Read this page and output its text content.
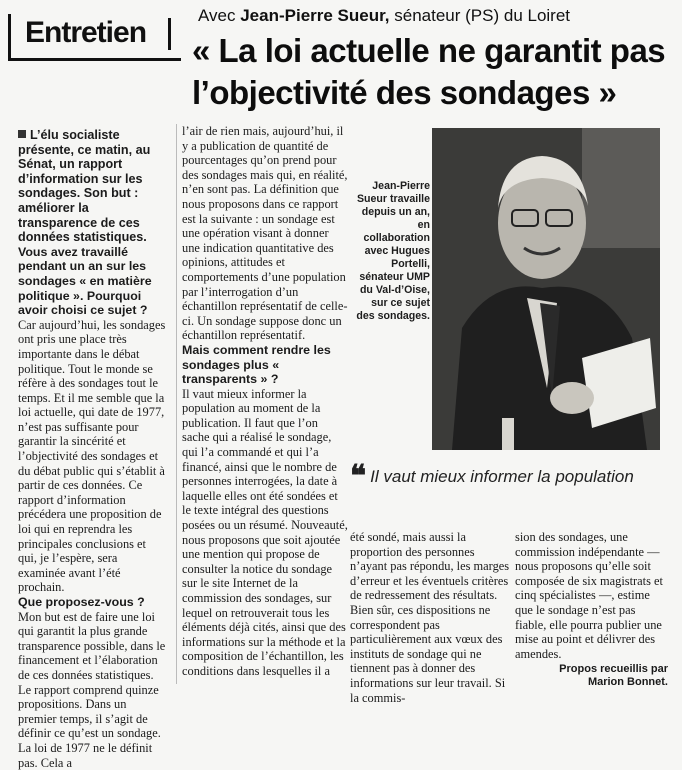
Entretien
Avec Jean-Pierre Sueur, sénateur (PS) du Loiret
« La loi actuelle ne garantit pas l’objectivité des sondages »

L’élu socialiste présente, ce matin, au Sénat, un rapport d’information sur les sondages. Son but : améliorer la transparence de ces données statistiques.

Vous avez travaillé pendant un an sur les sondages « en matière politique ». Pourquoi avoir choisi ce sujet ?

Car aujourd’hui, les sondages ont pris une place très importante dans le débat politique. Tout le monde se réfère à des sondages tout le temps. Et il me semble que la loi actuelle, qui date de 1977, n’est pas suffisante pour garantir la sincérité et l’objectivité des sondages et du débat public qui s’établit à partir de ces données. Ce rapport d’information précédera une proposition de loi qui en reprendra les principales conclusions et qui, je l’espère, sera examinée avant l’été prochain.

Que proposez-vous ?

Mon but est de faire une loi qui garantit la plus grande transparence possible, dans le financement et l’élaboration de ces données statistiques. Le rapport comprend quinze propositions. Dans un premier temps, il s’agit de définir ce qu’est un sondage. La loi de 1977 ne le définit pas. Cela a

l’air de rien mais, aujourd’hui, il y a publication de quantité de pourcentages qu’on prend pour des sondages mais qui, en réalité, n’en sont pas. La définition que nous proposons dans ce rapport est la suivante : un sondage est une opération visant à donner une indication quantitative des opinions, attitudes et comportements d’une population par l’interrogation d’un échantillon représentatif de celle-ci. Un sondage suppose donc un échantillon représentatif.

Mais comment rendre les sondages plus « transparents » ?

Il vaut mieux informer la population au moment de la publication. Il faut que l’on sache qui a réalisé le sondage, qui l’a commandé et qui l’a financé, ainsi que le nombre de personnes interrogées, la date à laquelle elles ont été sondées et le texte intégral des questions posées ou un résumé. Nouveauté, nous proposons que soit ajoutée une mention qui propose de consulter la notice du sondage sur le site Internet de la commission des sondages, sur lequel on retrouverait tous les éléments déjà cités, ainsi que des informations sur la méthode et la composition de l’échantillon, les conditions dans lesquelles il a

Jean-Pierre Sueur travaille depuis un an, en collaboration avec Hugues Portelli, sénateur UMP du Val-d’Oise, sur ce sujet des sondages.
❝ Il vaut mieux informer la population

été sondé, mais aussi la proportion des personnes n’ayant pas répondu, les marges d’erreur et les éventuels critères de redressement des résultats. Bien sûr, ces dispositions ne correspondent pas particulièrement aux vœux des instituts de sondage qui ne tiennent pas à donner des informations sur leur travail. Si la commis-

sion des sondages, une commission indépendante — nous proposons qu’elle soit composée de six magistrats et cinq spécialistes —, estime que le sondage n’est pas fiable, elle pourra publier une mise au point et délivrer des amendes.

Propos recueillis par Marion Bonnet.
